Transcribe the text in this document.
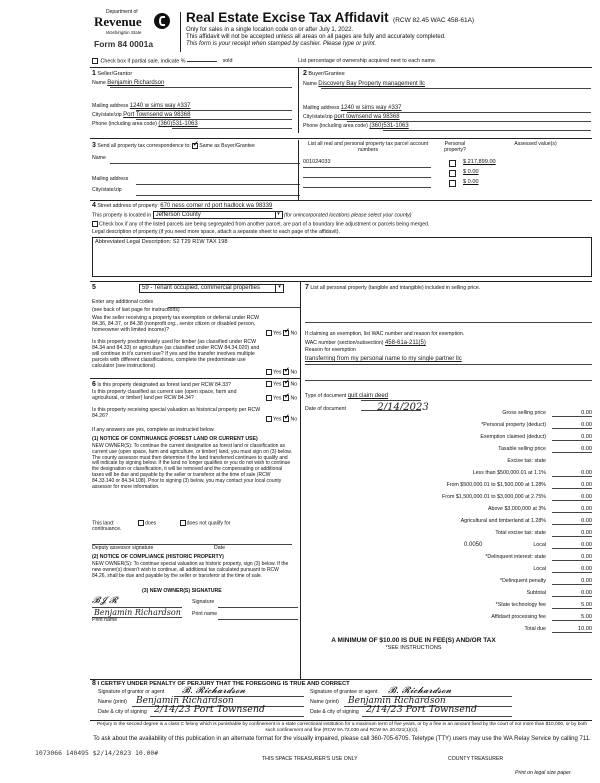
Department of
Revenue
Washington State
Form 84 0001a
Real Estate Excise Tax Affidavit (RCW 82.45 WAC 458-61A)
Only for sales in a single location code on or after July 1, 2022.
This affidavit will not be accepted unless all areas on all pages are fully and accurately completed.
This form is your receipt when stamped by cashier. Please type or print.
Check box if partial sale, indicate %	sold	List percentage of ownership acquired next to each name.
1 Seller/Grantor
Name Benjamin Richardson
Mailing address 1240 w sims way #337
City/state/zip Port Townsend wa 98368
Phone (including area code) (360)531-1063
2 Buyer/Grantee
Name Discovery Bay Property management llc
Mailing address 1240 w sims way #337
City/state/zip port townsend wa 98368
Phone (including area code) (360)531-1063
3 Send all property tax correspondence to: ✓ Same as Buyer/Grantee
Name
Mailing address
City/state/zip
List all real and personal property tax parcel account numbers
Personal property?
Assessed value(s)
001024033	$ 217,899.00
$ 0.00
$ 0.00
4 Street address of property: 670 ness corner rd port hadlock wa 98339
This property is located in Jefferson County	▾ (for unincorporated locations please select your county)
Check box if any of the listed parcels are being segregated from another parcel, are part of a boundary line adjustment or parcels being merged.
Legal description of property (if you need more space, attach a separate sheet to each page of the affidavit).
Abbreviated Legal Description: S2 T29 R1W TAX 198
5	59 - Tenant occupied, commercial properties	▾
Enter any additional codes
(see back of last page for instructions)
Was the seller receiving a property tax exemption or deferral under RCW 84.36, 84.37, or 84.38 (nonprofit org., senior citizen or disabled person, homeowner with limited income)?
Yes ✓ No
Is this property predominately used for timber (as classified under RCW 84.34 and 84.33) or agriculture (as classified under RCW 84.34.020) and will continue in it's current use? If yes and the transfer involves multiple parcels with different classifications, complete the predominate use calculator (see instructions)
Yes ✓ No
6 Is this property designated as forest land per RCW 84.33?	Yes ✓ No
Is this property classified as current use (open space, farm and agricultural, or timber) land per RCW 84.34?	Yes ✓ No
Is this property receiving special valuation as historical property per RCW 84.26?
Yes ✓ No
If any answers are yes, complete as instructed below.
(1) NOTICE OF CONTINUANCE (FOREST LAND OR CURRENT USE)
NEW OWNER(S): To continue the current designation as forest land or classification as current use (open space, farm and agriculture, or timber) land, you must sign on (3) below. The county assessor must then determine if the land transferred continues to qualify and will indicate by signing below. If the land no longer qualifies or you do not wish to continue the designation or classification, it will be removed and the compensating or additional taxes will be due and payable by the seller or transferor at the time of sale (RCW 84.33.140 or 84.34.108). Prior to signing (3) below, you may contact your local county assessor for more information.
This land:	does	does not qualify for
continuance.
Deputy assessor signature	Date
(2) NOTICE OF COMPLIANCE (HISTORIC PROPERTY)
NEW OWNER(S): To continue special valuation as historic property, sign (3) below. If the new owner(s) doesn't wish to continue, all additional tax calculated pursuant to RCW 84.26, shall be due and payable by the seller or transferor at the time of sale.
(3) NEW OWNER(S) SIGNATURE
𝓑𝓙 𝓡	Signature
Benjamin Richardson
Print name
Print name
7 List all personal property (tangible and intangible) included in selling price.
If claiming an exemption, list WAC number and reason for exemption.
WAC number (section/subsection) 458-61a-211(5)
Reason for exemption
transferring from my personal name to my single partner llc
Type of document quit claim deed
Date of document	2/14/2023	Gross selling price	0.00
*Personal property (deduct)	0.00
Exemption claimed (deduct)	0.00
Taxable selling price	0.00
Excise tax: state
Less than $500,000.01 at 1.1%	0.00
From $500,000.01 to $1,500,000 at 1.28%	0.00
From $1,500,000.01 to $3,000,000 at 2.75%	0.00
Above $3,000,000 at 3%	0.00
Agricultural and timberland at 1.28%	0.00
Total excise tax: state	0.00
0.0050	Local	0.00
*Delinquent interest: state	0.00
Local	0.00
*Delinquent penalty	0.00
Subtotal	0.00
*State technology fee	5.00
Affidavit processing fee	5.00
Total due	10.00
A MINIMUM OF $10.00 IS DUE IN FEE(S) AND/OR TAX
*SEE INSTRUCTIONS
8 I CERTIFY UNDER PENALTY OF PERJURY THAT THE FOREGOING IS TRUE AND CORRECT
Signature of grantor or agent 𝓑. 𝓡𝓲𝓬𝓱𝓪𝓻𝓭𝓼𝓸𝓷	Signature of grantee or agent 𝓑. 𝓡𝓲𝓬𝓱𝓪𝓻𝓭𝓼𝓸𝓷
Name (print) Benjamin Richardson	Name (print) Benjamin Richardson
Date & city of signing 2/14/23 Port Townsend	Date & city of signing 2/14/23 Port Townsend
Perjury in the second degree is a class C felony which is punishable by confinement in a state correctional institution for a maximum term of five years, or by a fine in an amount fixed by the court of not more than $10,000, or by both such confinement and fine (RCW 9A.72.030 and RCW 9A.20.021(1)(c)).
To ask about the availability of this publication in an alternate format for the visually impaired, please call 360-705-6705. Teletype (TTY) users may use the WA Relay Service by calling 711.
1073066 140495 $2/14/2023 10.00#
THIS SPACE TREASURER'S USE ONLY	COUNTY TREASURER
Print on legal size paper.
